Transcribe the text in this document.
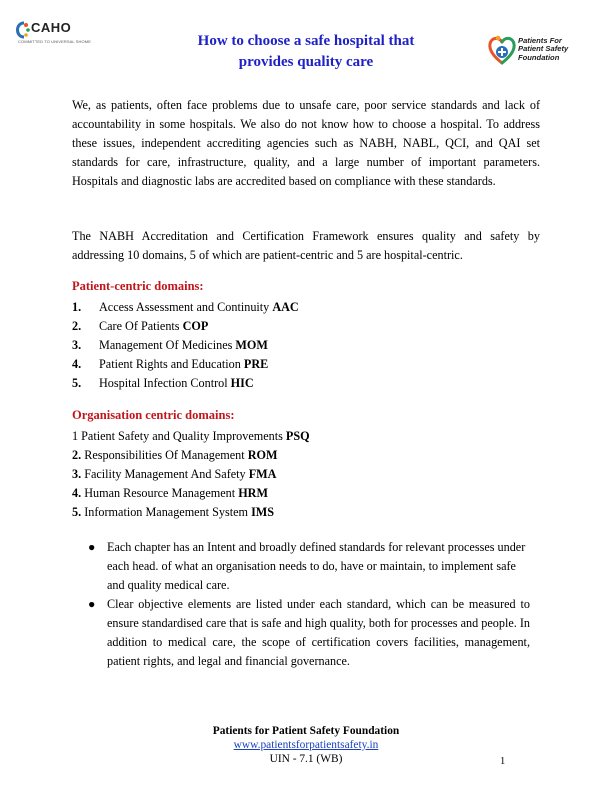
CAHO
COMMITTED TO UNIVERSAL SHOME	How to choose a safe hospital that
provides quality care
Patients For
Patient Safety
Foundation

We, as patients, often face problems due to unsafe care, poor service standards and lack of accountability in some hospitals. We also do not know how to choose a hospital. To address these issues, independent accrediting agencies such as NABH, NABL, QCI, and QAI set standards for care, infrastructure, quality, and a large number of important parameters. Hospitals and diagnostic labs are accredited based on compliance with these standards.

The NABH Accreditation and Certification Framework ensures quality and safety by addressing 10 domains, 5 of which are patient-centric and 5 are hospital-centric.

Patient-centric domains:
1. Access Assessment and Continuity AAC
2. Care Of Patients COP
3. Management Of Medicines MOM
4. Patient Rights and Education PRE
5. Hospital Infection Control HIC
Organisation centric domains:
1 Patient Safety and Quality Improvements PSQ
2. Responsibilities Of Management ROM
3. Facility Management And Safety FMA
4. Human Resource Management HRM
5. Information Management System IMS
● Each chapter has an Intent and broadly defined standards for relevant processes under each head. of what an organisation needs to do, have or maintain, to implement safe and quality medical care.
● Clear objective elements are listed under each standard, which can be measured to ensure standardised care that is safe and high quality, both for processes and people. In addition to medical care, the scope of certification covers facilities, management, patient rights, and legal and financial governance.
Patients for Patient Safety Foundation
www.patientsforpatientsafety.in
UIN - 7.1 (WB)	1
